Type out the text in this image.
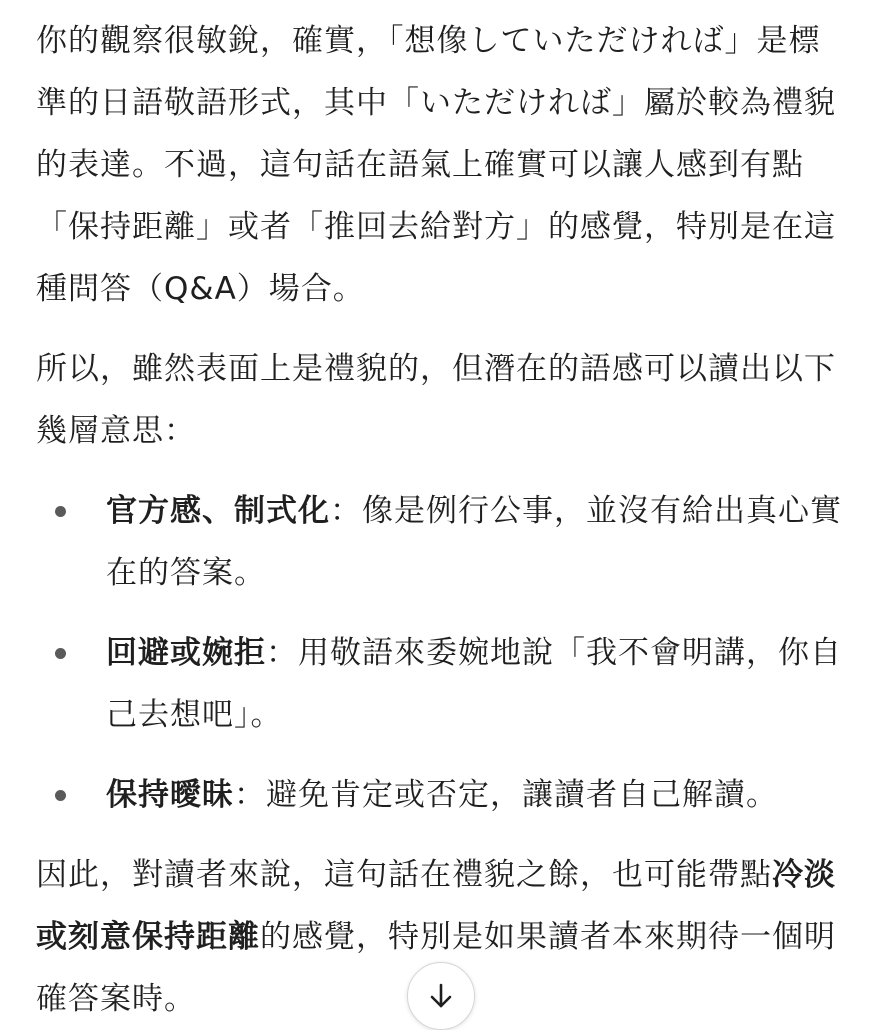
你的觀察很敏銳，確實，「想像していただければ」是標準的日語敬語形式，其中「いただければ」屬於較為禮貌的表達。不過，這句話在語氣上確實可以讓人感到有點「保持距離」或者「推回去給對方」的感覺，特別是在這種問答（Q&A）場合。

所以，雖然表面上是禮貌的，但潛在的語感可以讀出以下幾層意思：

官方感、制式化：像是例行公事，並沒有給出真心實在的答案。
回避或婉拒：用敬語來委婉地說「我不會明講，你自己去想吧」。
保持曖昧：避免肯定或否定，讓讀者自己解讀。

因此，對讀者來說，這句話在禮貌之餘，也可能帶點冷淡或刻意保持距離的感覺，特別是如果讀者本來期待一個明確答案時。
